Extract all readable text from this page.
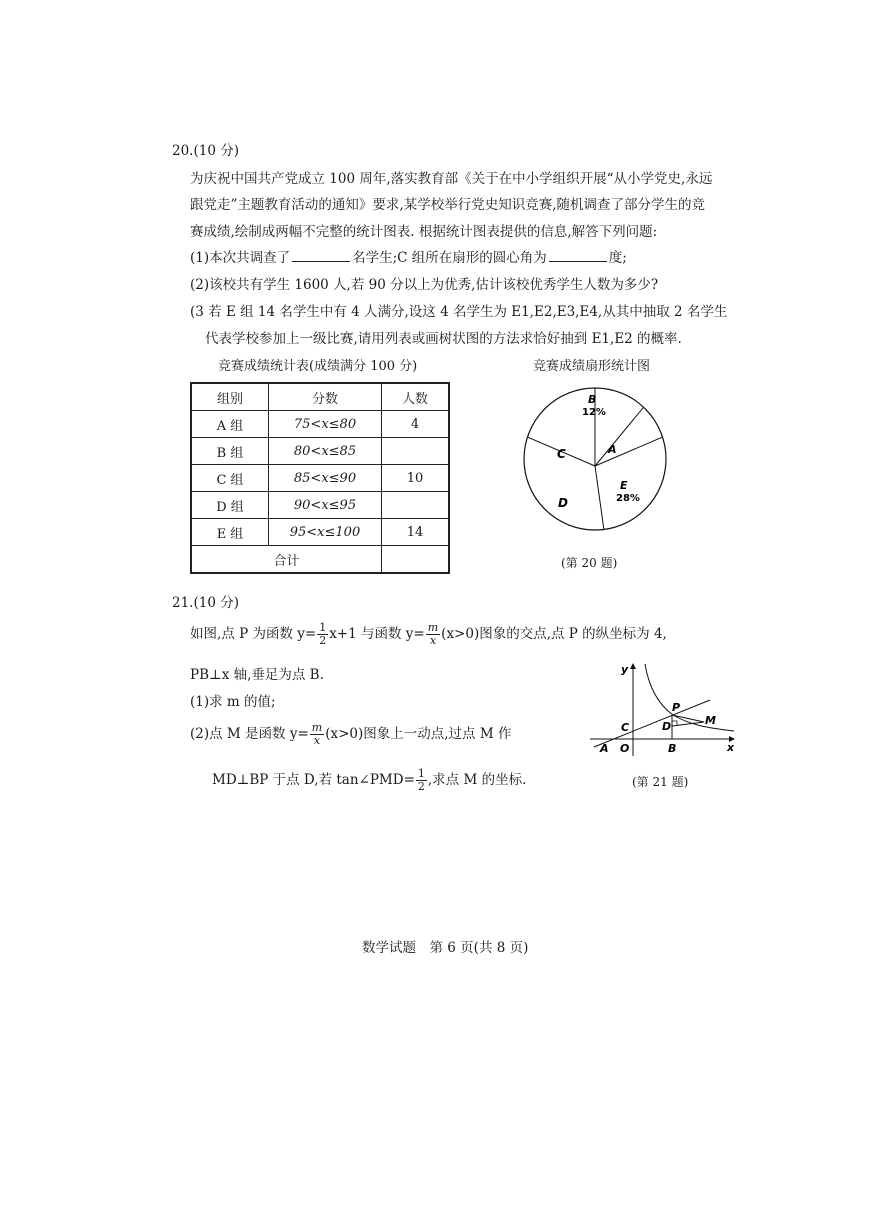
20.(10 分)
为庆祝中国共产党成立 100 周年,落实教育部《关于在中小学组织开展“从小学党史,永远
跟党走”主题教育活动的通知》要求,某学校举行党史知识竞赛,随机调查了部分学生的竞
赛成绩,绘制成两幅不完整的统计图表. 根据统计图表提供的信息,解答下列问题:
(1)本次共调查了	名学生;C 组所在扇形的圆心角为	度;
(2)该校共有学生 1600 人,若 90 分以上为优秀,估计该校优秀学生人数为多少?
(3 若 E 组 14 名学生中有 4 人满分,设这 4 名学生为 E1,E2,E3,E4,从其中抽取 2 名学生
代表学校参加上一级比赛,请用列表或画树状图的方法求恰好抽到 E1,E2 的概率.
竞赛成绩统计表(成绩满分 100 分)	竞赛成绩扇形统计图
组别	分数	人数
A 组	75<x≤80	4
B 组	80<x≤85	
C 组	85<x≤90	10
D 组	90<x≤95	
E 组	95<x≤100	14
合计		
B
12%
A
C
D
E
28%
(第 20 题)
21.(10 分)
如图,点 P 为函数 $y= \frac{1}{2} x+1$ 与函数 $y= \frac{m}{x} (x>0)$图象的交点,点 P 的纵坐标为 4,
PB⊥x 轴,垂足为点 B.
(1)求 m 的值;
(2)点 M 是函数 $y= \frac{m}{x} (x>0)$图象上一动点,过点 M 作
MD⊥BP 于点 D,若 tan∠PMD= $\frac{1}{2}$ ,求点 M 的坐标.
y
x
P
M
C	D
A O	B
(第 21 题)
数学试题　第 6 页(共 8 页)
